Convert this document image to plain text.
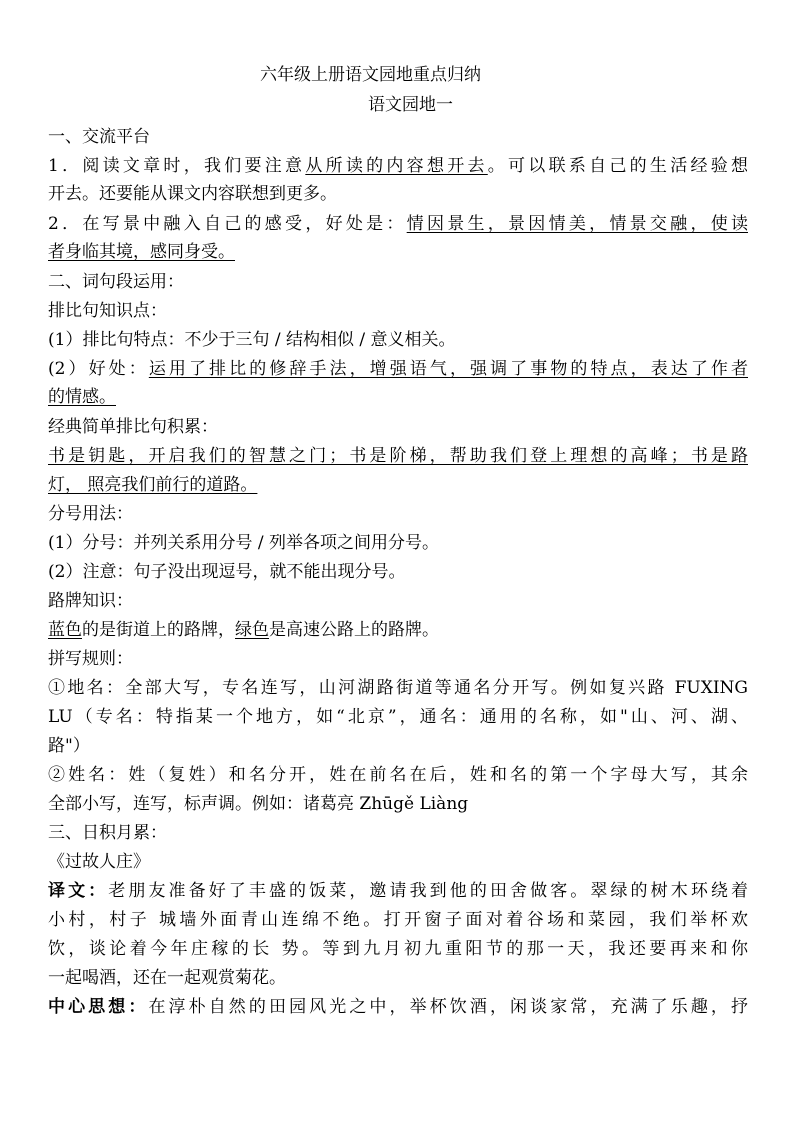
六年级上册语文园地重点归纳
语文园地一
一、交流平台
1．阅读文章时，我们要注意从所读的内容想开去。可以联系自己的生活经验想
开去。还要能从课文内容联想到更多。
2．在写景中融入自己的感受，好处是：情因景生，景因情美，情景交融，使读
者身临其境，感同身受。
二、词句段运用：
排比句知识点：
(1）排比句特点：不少于三句 / 结构相似 / 意义相关。
(2）好处：运用了排比的修辞手法，增强语气，强调了事物的特点，表达了作者
的情感。
经典简单排比句积累：
书是钥匙，开启我们的智慧之门；书是阶梯，帮助我们登上理想的高峰；书是路
灯， 照亮我们前行的道路。
分号用法：
(1）分号：并列关系用分号 / 列举各项之间用分号。
(2）注意：句子没出现逗号，就不能出现分号。
路牌知识：
蓝色的是街道上的路牌，绿色是高速公路上的路牌。
拼写规则：
①地名：全部大写，专名连写，山河湖路街道等通名分开写。例如复兴路 FUXING
LU（专名：特指某一个地方，如“北京”，通名：通用的名称，如"山、河、湖、
路"）
②姓名：姓（复姓）和名分开，姓在前名在后，姓和名的第一个字母大写，其余
全部小写，连写，标声调。例如：诸葛亮 Zhūgě Liàng
三、日积月累：
《过故人庄》
译文：老朋友准备好了丰盛的饭菜，邀请我到他的田舍做客。翠绿的树木环绕着
小村，村子 城墙外面青山连绵不绝。打开窗子面对着谷场和菜园，我们举杯欢
饮，谈论着今年庄稼的长 势。等到九月初九重阳节的那一天，我还要再来和你
一起喝酒，还在一起观赏菊花。
中心思想：在淳朴自然的田园风光之中，举杯饮酒，闲谈家常，充满了乐趣，抒
